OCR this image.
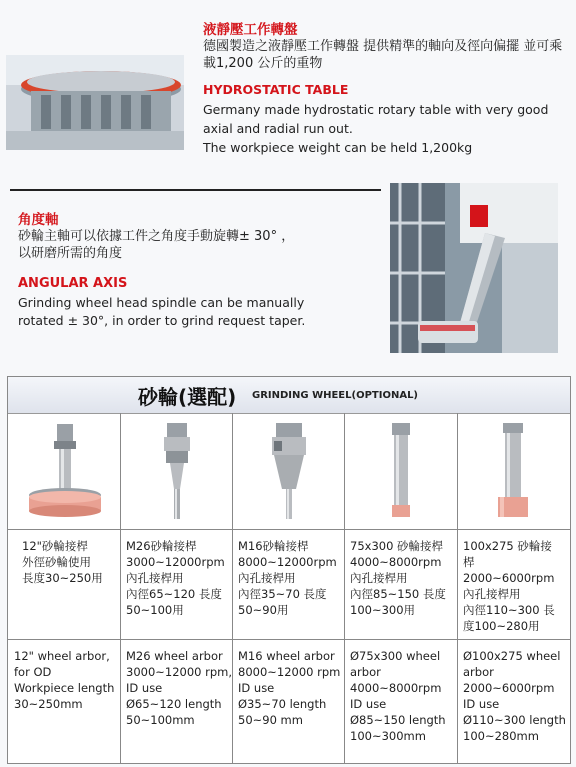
液靜壓工作轉盤

德國製造之液靜壓工作轉盤 提供精準的軸向及徑向偏擺 並可乘載1,200 公斤的重物

HYDROSTATIC TABLE

Germany made hydrostatic rotary table with very good
axial and radial run out.
The workpiece weight can be held 1,200kg

角度軸

砂輪主軸可以依據工件之角度手動旋轉± 30° ，
以研磨所需的角度

ANGULAR AXIS

Grinding wheel head spindle can be manually
rotated ± 30°, in order to grind request taper.
砂輪(選配) GRINDING WHEEL(OPTIONAL)

12"砂輪接桿
外徑砂輪使用
長度30~250用

M26砂輪接桿
3000~12000rpm
內孔接桿用
內徑65~120 長度
50~100用

M16砂輪接桿
8000~12000rpm
內孔接桿用
內徑35~70 長度
50~90用

75x300 砂輪接桿
4000~8000rpm
內孔接桿用
內徑85~150 長度
100~300用

100x275 砂輪接
桿
2000~6000rpm
內孔接桿用
內徑110~300 長
度100~280用

12" wheel arbor,
for OD
Workpiece length
30~250mm

M26 wheel arbor
3000~12000 rpm,
ID use
Ø65~120 length
50~100mm

M16 wheel arbor
8000~12000 rpm
ID use
Ø35~70 length
50~90 mm

Ø75x300 wheel
arbor
4000~8000rpm
ID use
Ø85~150 length
100~300mm

Ø100x275 wheel
arbor
2000~6000rpm
ID use
Ø110~300 length
100~280mm
